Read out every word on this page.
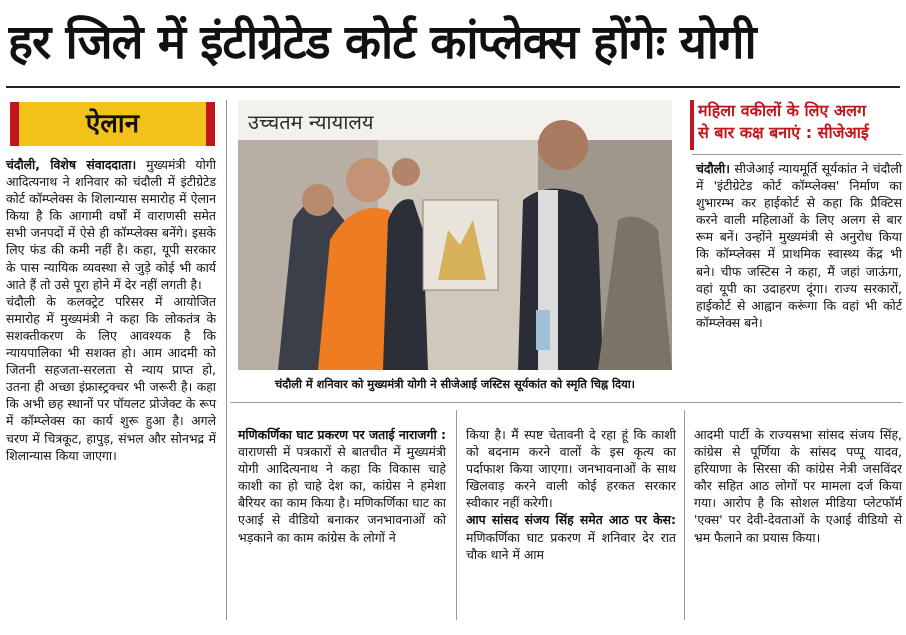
हर जिले में इंटीग्रेटेड कोर्ट कांप्लेक्स होंगेः योगी
ऐलान

चंदौली, विशेष संवाददाता। मुख्यमंत्री योगी आदित्यनाथ ने शनिवार को चंदौली में इंटीग्रेटेड कोर्ट कॉम्प्लेक्स के शिलान्यास समारोह में ऐलान किया है कि आगामी वर्षों में वाराणसी समेत सभी जनपदों में ऐसे ही कॉम्प्लेक्स बनेंगे। इसके लिए फंड की कमी नहीं है। कहा, यूपी सरकार के पास न्यायिक व्यवस्था से जुड़े कोई भी कार्य आते हैं तो उसे पूरा होने में देर नहीं लगती है।

चंदौली के कलक्ट्रेट परिसर में आयोजित समारोह में मुख्यमंत्री ने कहा कि लोकतंत्र के सशक्तीकरण के लिए आवश्यक है कि न्यायपालिका भी सशक्त हो। आम आदमी को जितनी सहजता-सरलता से न्याय प्राप्त हो, उतना ही अच्छा इंफ्रास्ट्रक्चर भी जरूरी है। कहा कि अभी छह स्थानों पर पॉयलट प्रोजेक्ट के रूप में कॉम्प्लेक्स का कार्य शुरू हुआ है। अगले चरण में चित्रकूट, हापुड़, संभल और सोनभद्र में शिलान्यास किया जाएगा।

उच्चतम न्यायालय
चंदौली में शनिवार को मुख्यमंत्री योगी ने सीजेआई जस्टिस सूर्यकांत को स्मृति चिह्न दिया।
महिला वकीलों के लिए अलग
से बार कक्ष बनाएं : सीजेआई

चंदौली। सीजेआई न्यायमूर्ति सूर्यकांत ने चंदौली में 'इंटीग्रेटेड कोर्ट कॉम्प्लेक्स' निर्माण का शुभारम्भ कर हाईकोर्ट से कहा कि प्रैक्टिस करने वाली महिलाओं के लिए अलग से बार रूम बनें। उन्होंने मुख्यमंत्री से अनुरोध किया कि कॉम्प्लेक्स में प्राथमिक स्वास्थ्य केंद्र भी बने। चीफ जस्टिस ने कहा, मैं जहां जाऊंगा, वहां यूपी का उदाहरण दूंगा। राज्य सरकारों, हाईकोर्ट से आह्वान करूंगा कि वहां भी कोर्ट कॉम्प्लेक्स बने।

मणिकर्णिका घाट प्रकरण पर जताई नाराजगी : वाराणसी में पत्रकारों से बातचीत में मुख्यमंत्री योगी आदित्यनाथ ने कहा कि विकास चाहे काशी का हो चाहे देश का, कांग्रेस ने हमेशा बैरियर का काम किया है। मणिकर्णिका घाट का एआई से वीडियो बनाकर जनभावनाओं को भड़काने का काम कांग्रेस के लोगों ने

किया है। मैं स्पष्ट चेतावनी दे रहा हूं कि काशी को बदनाम करने वालों के इस कृत्य का पर्दाफाश किया जाएगा। जनभावनाओं के साथ खिलवाड़ करने वाली कोई हरकत सरकार स्वीकार नहीं करेगी।

आप सांसद संजय सिंह समेत आठ पर केस: मणिकर्णिका घाट प्रकरण में शनिवार देर रात चौक थाने में आम

आदमी पार्टी के राज्यसभा सांसद संजय सिंह, कांग्रेस से पूर्णिया के सांसद पप्पू यादव, हरियाणा के सिरसा की कांग्रेस नेत्री जसविंदर कौर सहित आठ लोगों पर मामला दर्ज किया गया। आरोप है कि सोशल मीडिया प्लेटफॉर्म 'एक्स' पर देवी-देवताओं के एआई वीडियो से भ्रम फैलाने का प्रयास किया।
